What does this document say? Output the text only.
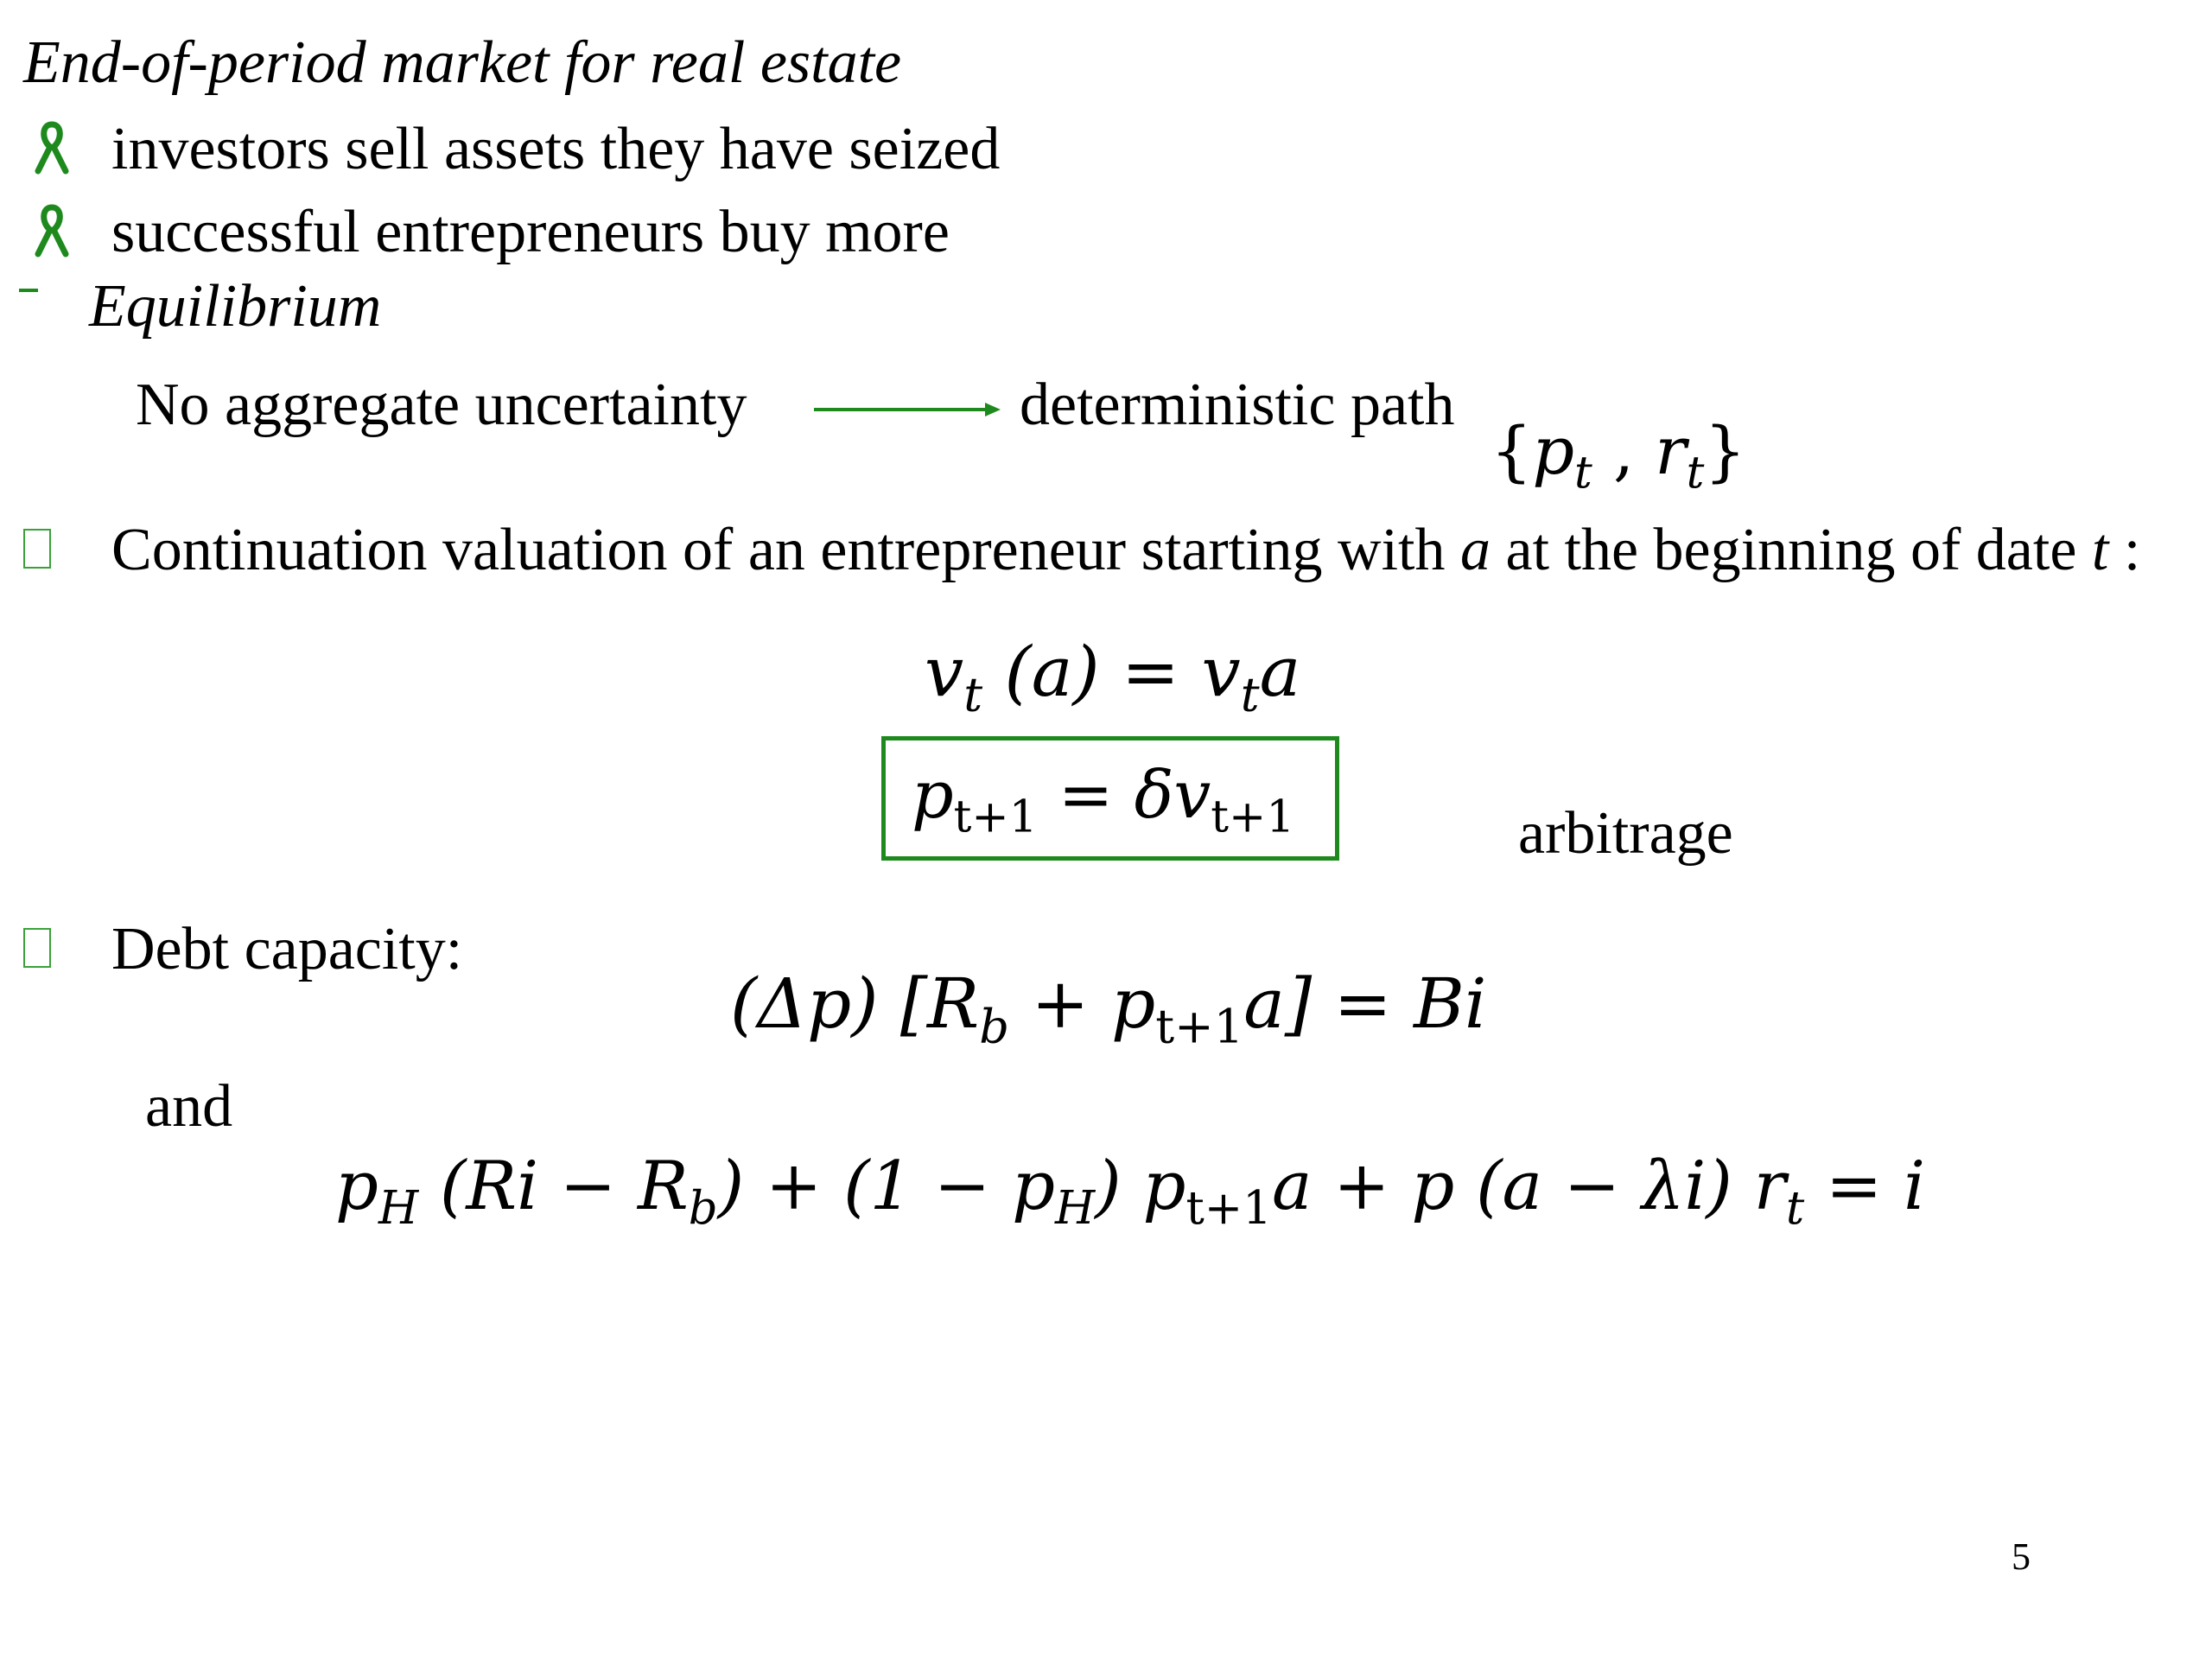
End-of-period market for real estate
investors sell assets they have seized
successful entrepreneurs buy more
Equilibrium
No aggregate uncertainty	deterministic path
{$p_t$ , $r_t$}
Continuation valuation of an entrepreneur starting with a at the beginning of date t :
$v_t$ $(a) = v_ta$
$p_{t+1} = \delta v_{t+1}$	arbitrage
Debt capacity:
(Δp) $[R_b + p_{t+1}a] = Bi$
and
$p_H$ $(Ri - R_b) + (1 - p_H)$ $p_{t+1}a + p$ (a − λi) $r_t = i$
5
